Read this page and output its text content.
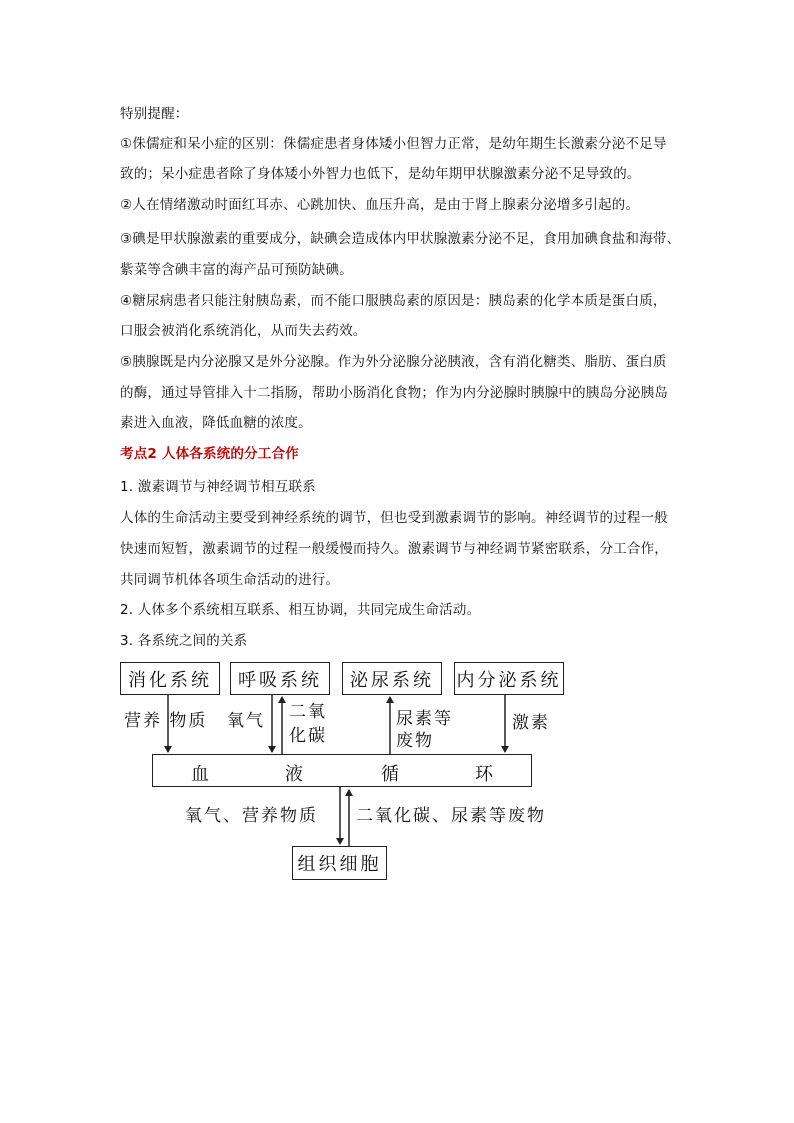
特别提醒：

①侏儒症和呆小症的区别：侏儒症患者身体矮小但智力正常，是幼年期生长激素分泌不足导

致的；呆小症患者除了身体矮小外智力也低下，是幼年期甲状腺激素分泌不足导致的。

②人在情绪激动时面红耳赤、心跳加快、血压升高，是由于肾上腺素分泌增多引起的。

③碘是甲状腺激素的重要成分，缺碘会造成体内甲状腺激素分泌不足，食用加碘食盐和海带、

紫菜等含碘丰富的海产品可预防缺碘。

④糖尿病患者只能注射胰岛素，而不能口服胰岛素的原因是：胰岛素的化学本质是蛋白质，

口服会被消化系统消化，从而失去药效。

⑤胰腺既是内分泌腺又是外分泌腺。作为外分泌腺分泌胰液，含有消化糖类、脂肪、蛋白质

的酶，通过导管排入十二指肠，帮助小肠消化食物；作为内分泌腺时胰腺中的胰岛分泌胰岛

素进入血液，降低血糖的浓度。

考点2 人体各系统的分工合作

1. 激素调节与神经调节相互联系

人体的生命活动主要受到神经系统的调节，但也受到激素调节的影响。神经调节的过程一般

快速而短暂，激素调节的过程一般缓慢而持久。激素调节与神经调节紧密联系，分工合作，

共同调节机体各项生命活动的进行。

2. 人体多个系统相互联系、相互协调，共同完成生命活动。

3. 各系统之间的关系

消化系统	呼吸系统	泌尿系统	内分泌系统
营养 物质 氧气 二氧
化碳
尿素等
废物
激素
血	液	循	环
氧气、营养物质 二氧化碳、尿素等废物
组织细胞
